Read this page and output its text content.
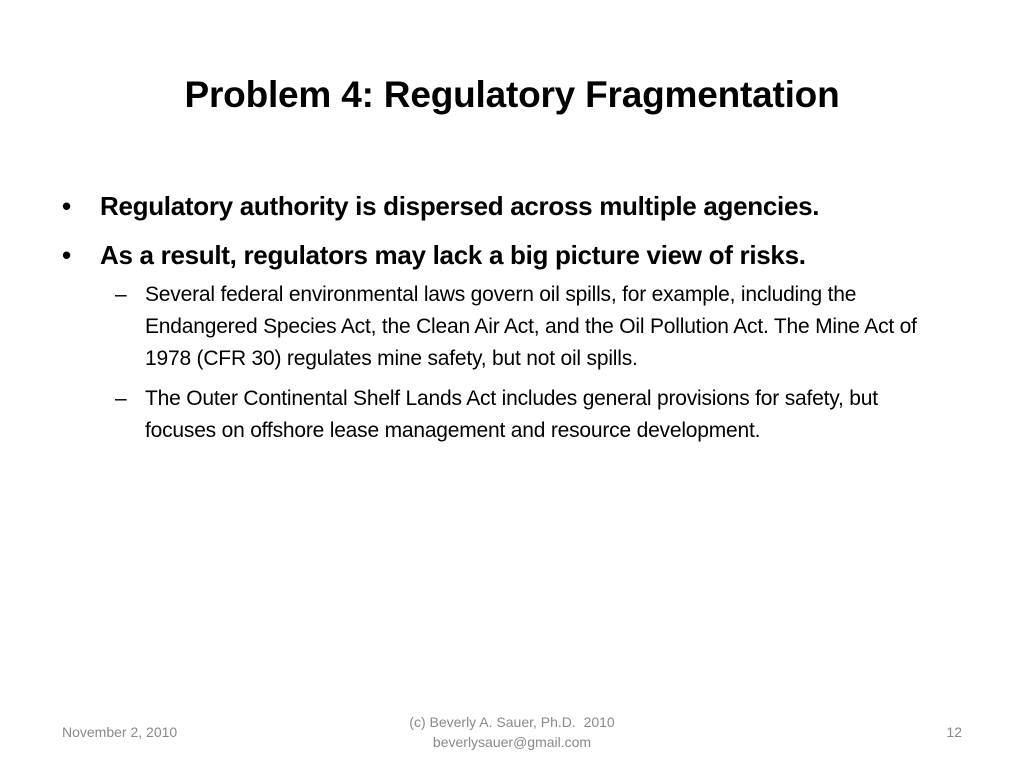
Problem 4: Regulatory Fragmentation
•	Regulatory authority is dispersed across multiple agencies.
•	As a result, regulators may lack a big picture view of risks.
– Several federal environmental laws govern oil spills, for example, including the Endangered Species Act, the Clean Air Act, and the Oil Pollution Act. The Mine Act of 1978 (CFR 30) regulates mine safety, but not oil spills.
– The Outer Continental Shelf Lands Act includes general provisions for safety, but focuses on offshore lease management and resource development.
November 2, 2010
(c) Beverly A. Sauer, Ph.D.  2010
beverlysauer@gmail.com
12
